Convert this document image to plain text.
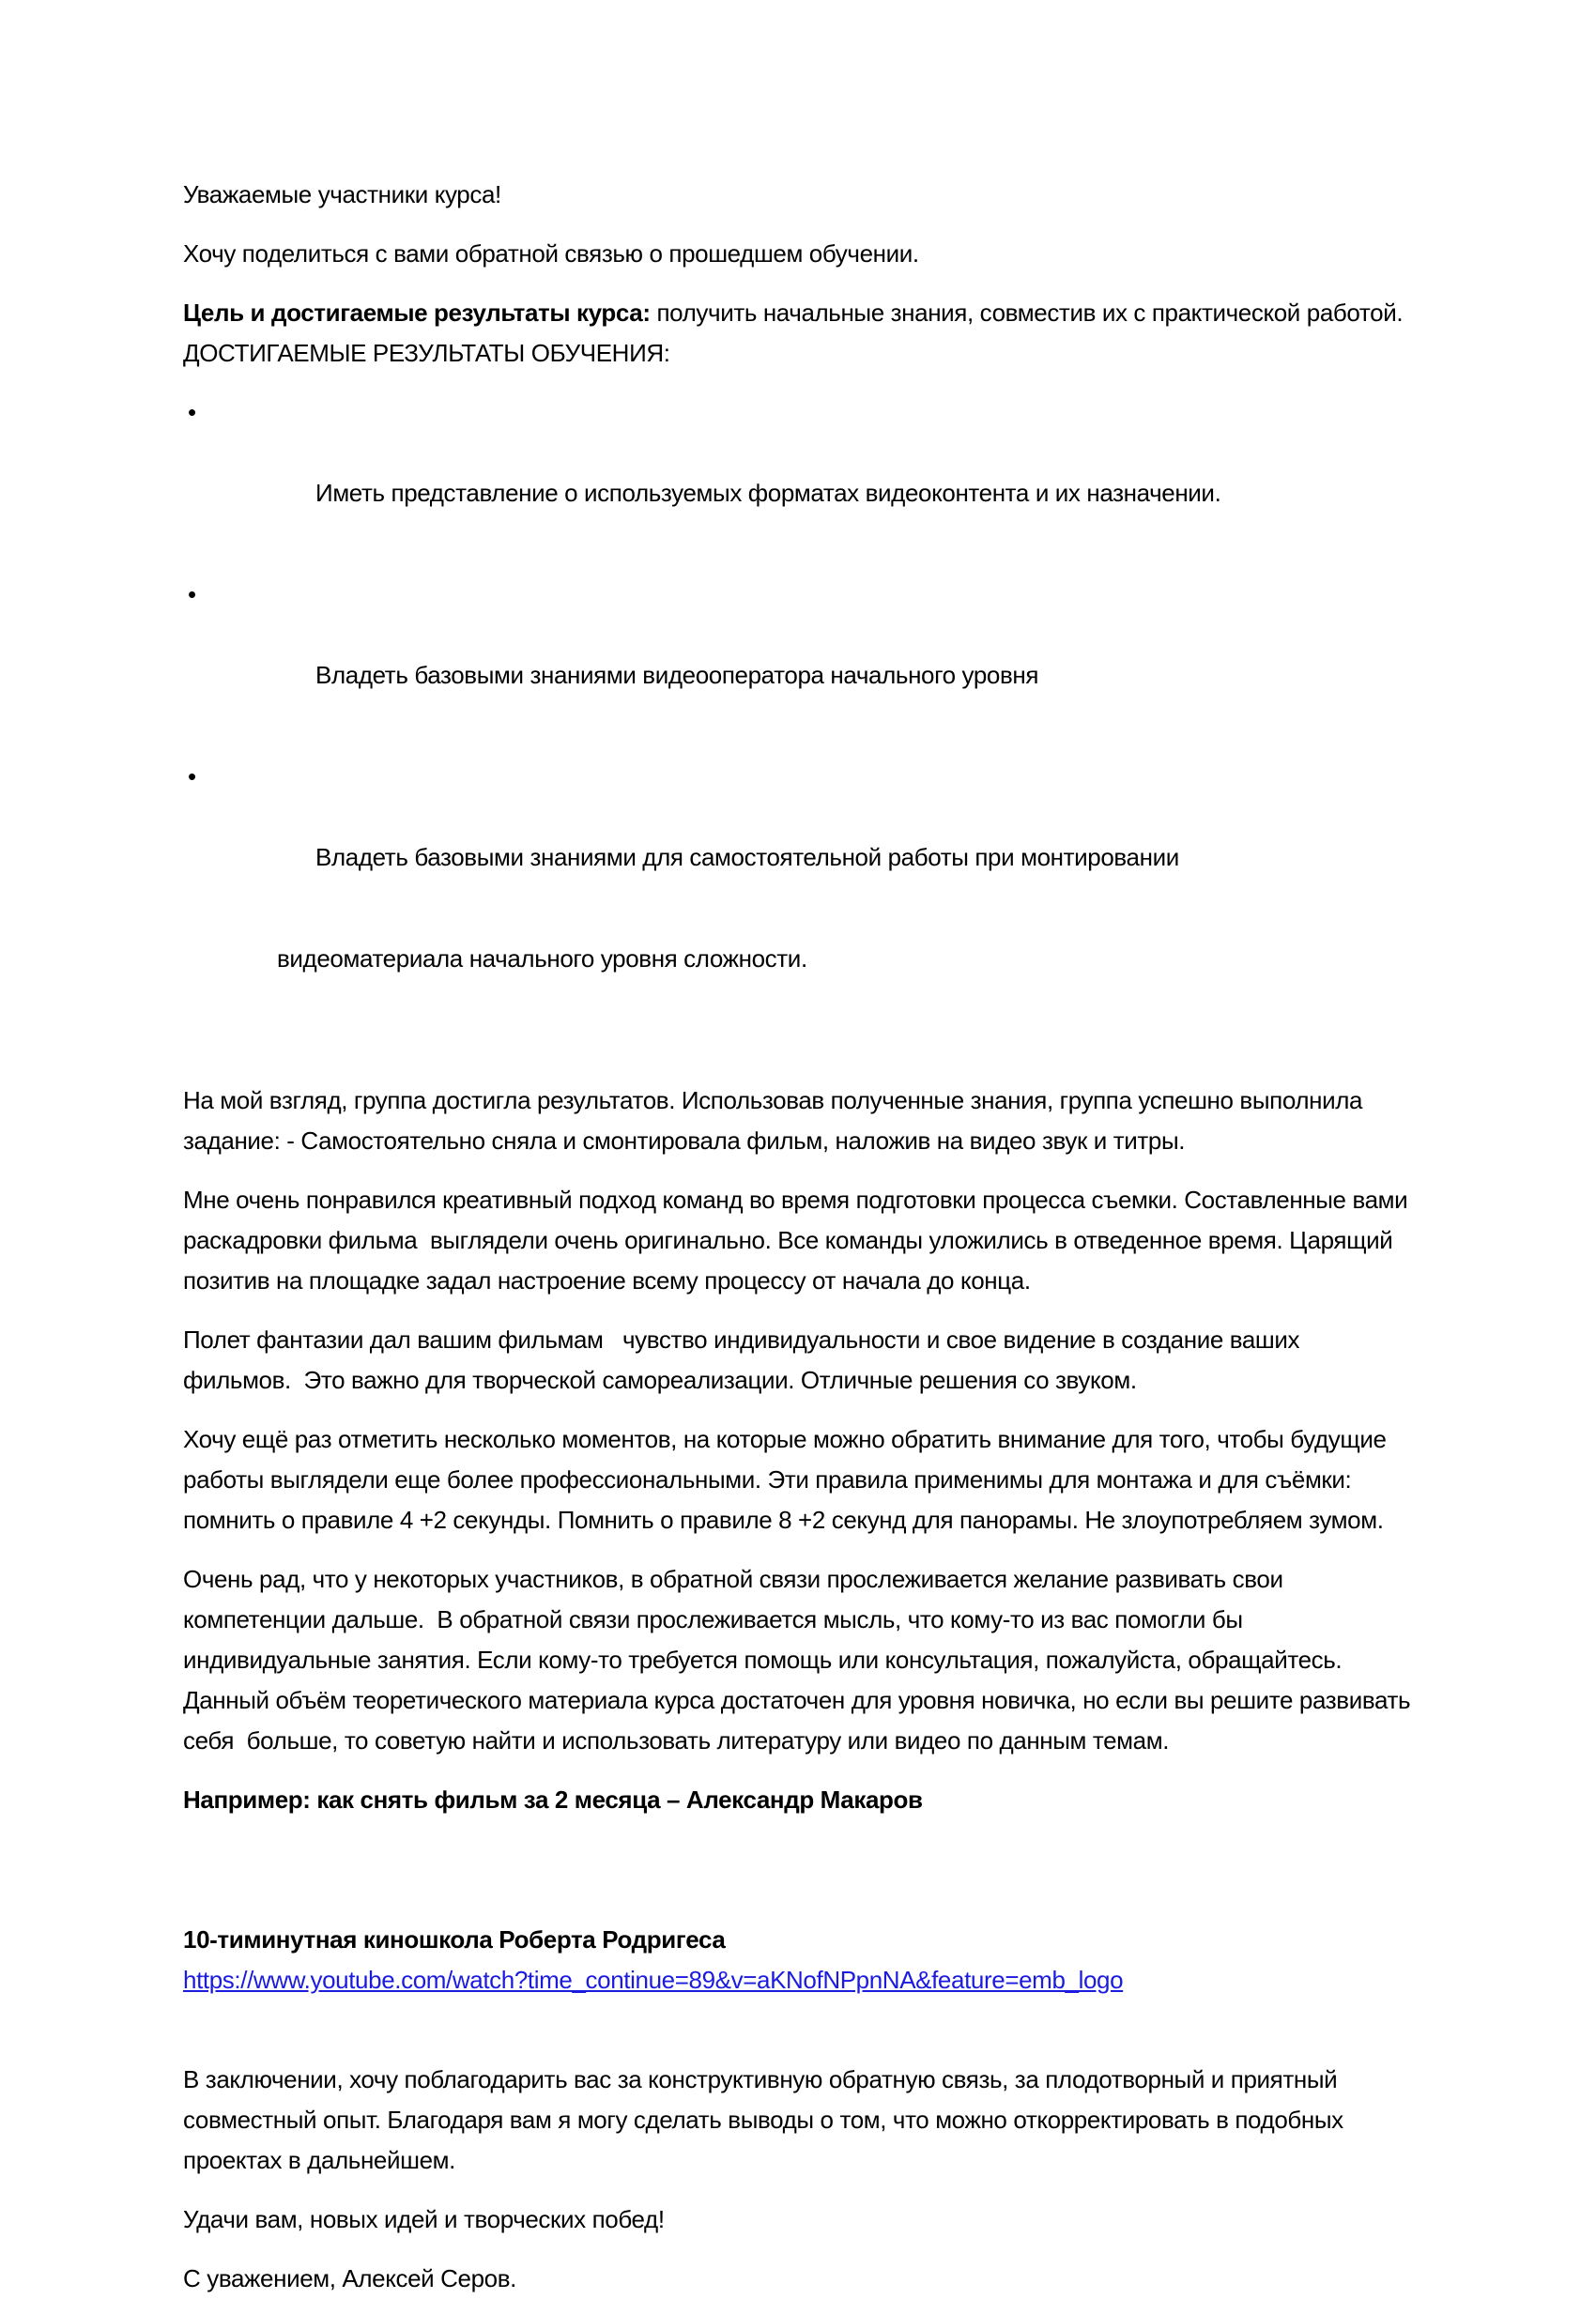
Уважаемые участники курса!

Хочу поделиться с вами обратной связью о прошедшем обучении.

Цель и достигаемые результаты курса: получить начальные знания, совместив их с практической работой.  ДОСТИГАЕМЫЕ РЕЗУЛЬТАТЫ ОБУЧЕНИЯ:

•

Иметь представление о используемых форматах видеоконтента и их назначении.

•

Владеть базовыми знаниями видеооператора начального уровня

•

Владеть базовыми знаниями для самостоятельной работы при монтировании

видеоматериала начального уровня сложности.

На мой взгляд, группа достигла результатов. Использовав полученные знания, группа успешно выполнила задание: - Самостоятельно сняла и смонтировала фильм, наложив на видео звук и титры.

Мне очень понравился креативный подход команд во время подготовки процесса съемки. Составленные вами раскадровки фильма  выглядели очень оригинально. Все команды уложились в отведенное время. Царящий позитив на площадке задал настроение всему процессу от начала до конца.

Полет фантазии дал вашим фильмам   чувство индивидуальности и свое видение в создание ваших фильмов.  Это важно для творческой самореализации. Отличные решения со звуком.

Хочу ещё раз отметить несколько моментов, на которые можно обратить внимание для того, чтобы будущие работы выглядели еще более профессиональными. Эти правила применимы для монтажа и для съёмки: помнить о правиле 4 +2 секунды. Помнить о правиле 8 +2 секунд для панорамы. Не злоупотребляем зумом.

Очень рад, что у некоторых участников, в обратной связи прослеживается желание развивать свои компетенции дальше.  В обратной связи прослеживается мысль, что кому-то из вас помогли бы индивидуальные занятия. Если кому-то требуется помощь или консультация, пожалуйста, обращайтесь. Данный объём теоретического материала курса достаточен для уровня новичка, но если вы решите развивать себя  больше, то советую найти и использовать литературу или видео по данным темам.

Например: как снять фильм за 2 месяца – Александр Макаров

10-тиминутная киношкола Роберта Родригеса
https://www.youtube.com/watch?time_continue=89&v=aKNofNPpnNA&feature=emb_logo

В заключении, хочу поблагодарить вас за конструктивную обратную связь, за плодотворный и приятный совместный опыт. Благодаря вам я могу сделать выводы о том, что можно откорректировать в подобных проектах в дальнейшем.

Удачи вам, новых идей и творческих побед!

С уважением, Алексей Серов.
